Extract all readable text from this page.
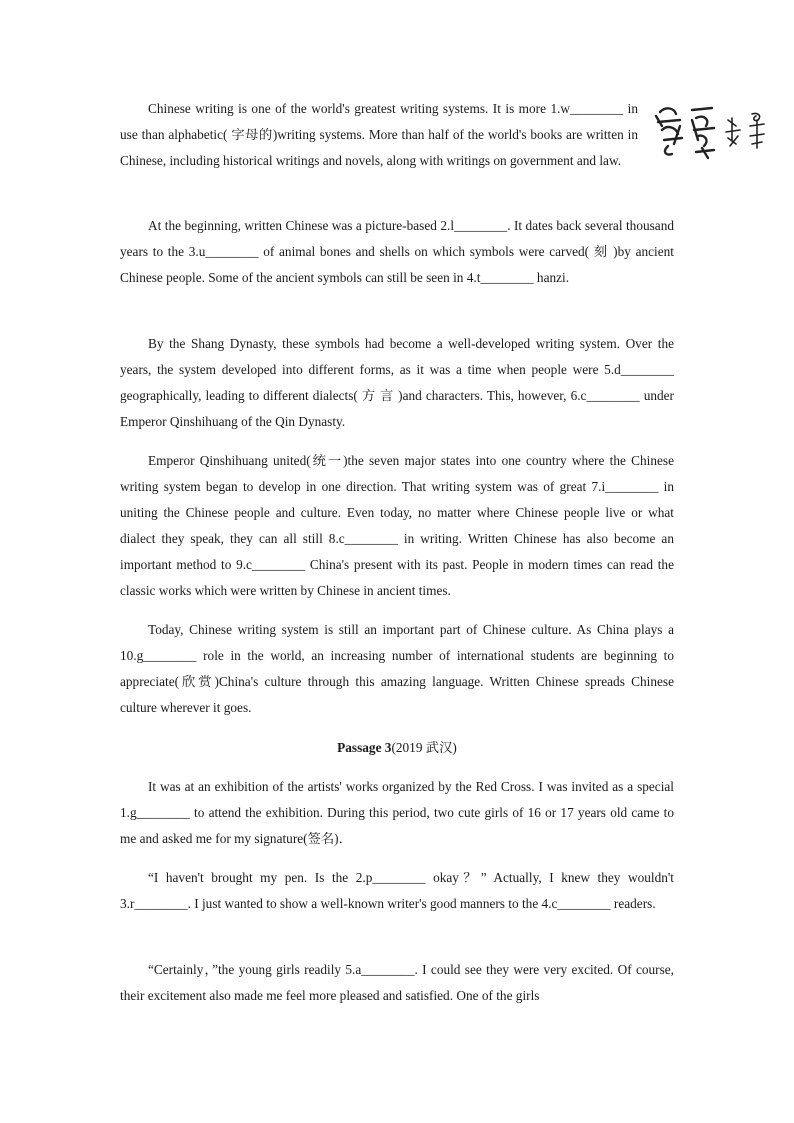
Chinese writing is one of the world's greatest writing systems. It is more 1.w________ in use than alphabetic( 字母的)writing systems. More than half of the world's books are written in Chinese, including historical writings and novels, along with writings on government and law.

At the beginning, written Chinese was a picture-based 2.l________. It dates back several thousand years to the 3.u________ of animal bones and shells on which symbols were carved( 刻 )by ancient Chinese people. Some of the ancient symbols can still be seen in 4.t________ hanzi.

By the Shang Dynasty, these symbols had become a well-developed writing system. Over the years, the system developed into different forms, as it was a time when people were 5.d________ geographically, leading to different dialects( 方 言 )and characters. This, however, 6.c________ under Emperor Qinshihuang of the Qin Dynasty.

Emperor Qinshihuang united(统一)the seven major states into one country where the Chinese writing system began to develop in one direction. That writing system was of great 7.i________ in uniting the Chinese people and culture. Even today, no matter where Chinese people live or what dialect they speak, they can all still 8.c________ in writing. Written Chinese has also become an important method to 9.c________ China's present with its past. People in modern times can read the classic works which were written by Chinese in ancient times.

Today, Chinese writing system is still an important part of Chinese culture. As China plays a 10.g________ role in the world, an increasing number of international students are beginning to appreciate(欣赏)China's culture through this amazing language. Written Chinese spreads Chinese culture wherever it goes.

Passage 3(2019 武汉)

It was at an exhibition of the artists' works organized by the Red Cross. I was invited as a special 1.g________ to attend the exhibition. During this period, two cute girls of 16 or 17 years old came to me and asked me for my signature(签名)．

“I haven't brought my pen. Is the 2.p________ okay？” Actually, I knew they wouldn't 3.r________. I just wanted to show a well-known writer's good manners to the 4.c________ readers.

“Certainly，”the young girls readily 5.a________. I could see they were very excited. Of course, their excitement also made me feel more pleased and satisfied. One of the girls
